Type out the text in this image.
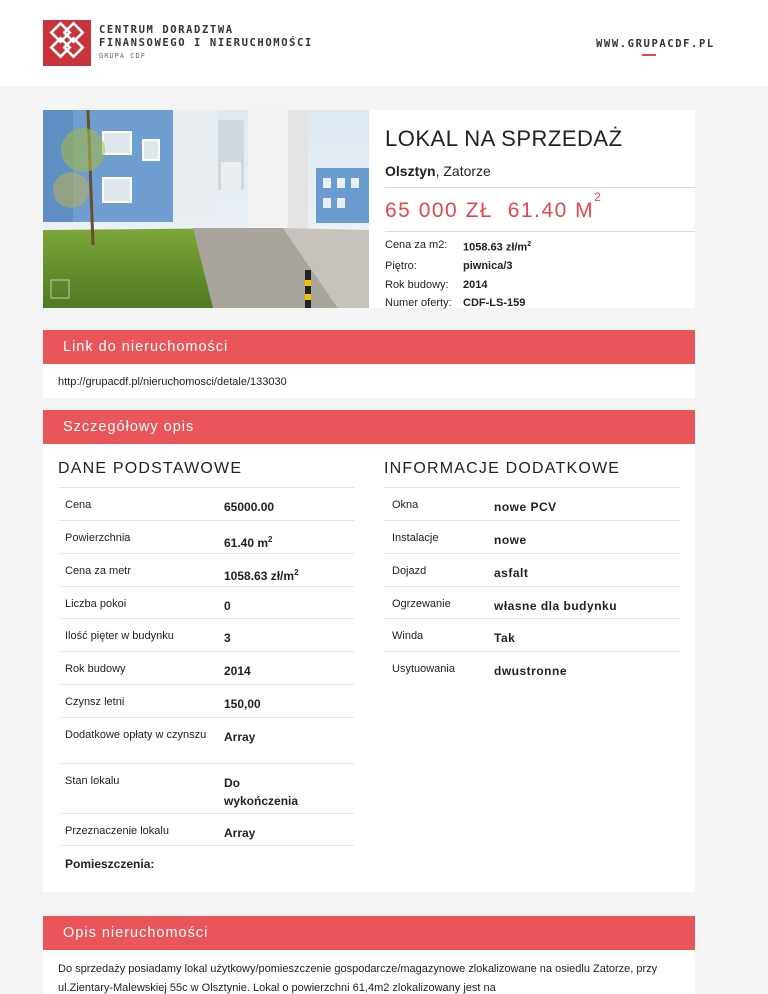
CENTRUM DORADZTWA
FINANSOWEGO I NIERUCHOMOŚCI
GRUPA CDF
WWW.GRUPACDF.PL
LOKAL NA SPRZEDAŻ
Olsztyn, Zatorze
65 000 ZŁ 61.40 $M^2$
Cena za m2:	1058.63 $zł/m^2$
Piętro:	piwnica/3
Rok budowy:	2014
Numer oferty:	CDF-LS-159
Link do nieruchomości
http://grupacdf.pl/nieruchomosci/detale/133030
Szczegółowy opis
DANE PODSTAWOWE	INFORMACJE DODATKOWE
Cena	65000.00
Powierzchnia	61.40 $m^2$
Cena za metr	1058.63 $zł/m^2$
Liczba pokoi	0
Ilość pięter w budynku	3
Rok budowy	2014
Czynsz letni	150,00
Dodatkowe opłaty w czynszu	Array
Stan lokalu	Do wykończenia
Przeznaczenie lokalu	Array
Okna	nowe PCV
Instalacje	nowe
Dojazd	asfalt
Ogrzewanie	własne dla budynku
Winda	Tak
Usytuowania	dwustronne
Pomieszczenia:
Opis nieruchomości
Do sprzedaży posiadamy lokal użytkowy/pomieszczenie gospodarcze/magazynowe zlokalizowane na osiedlu Zatorze, przy ul.Zientary-Malewskiej 55c w Olsztynie. Lokal o powierzchni 61,4m2 zlokalizowany jest na
